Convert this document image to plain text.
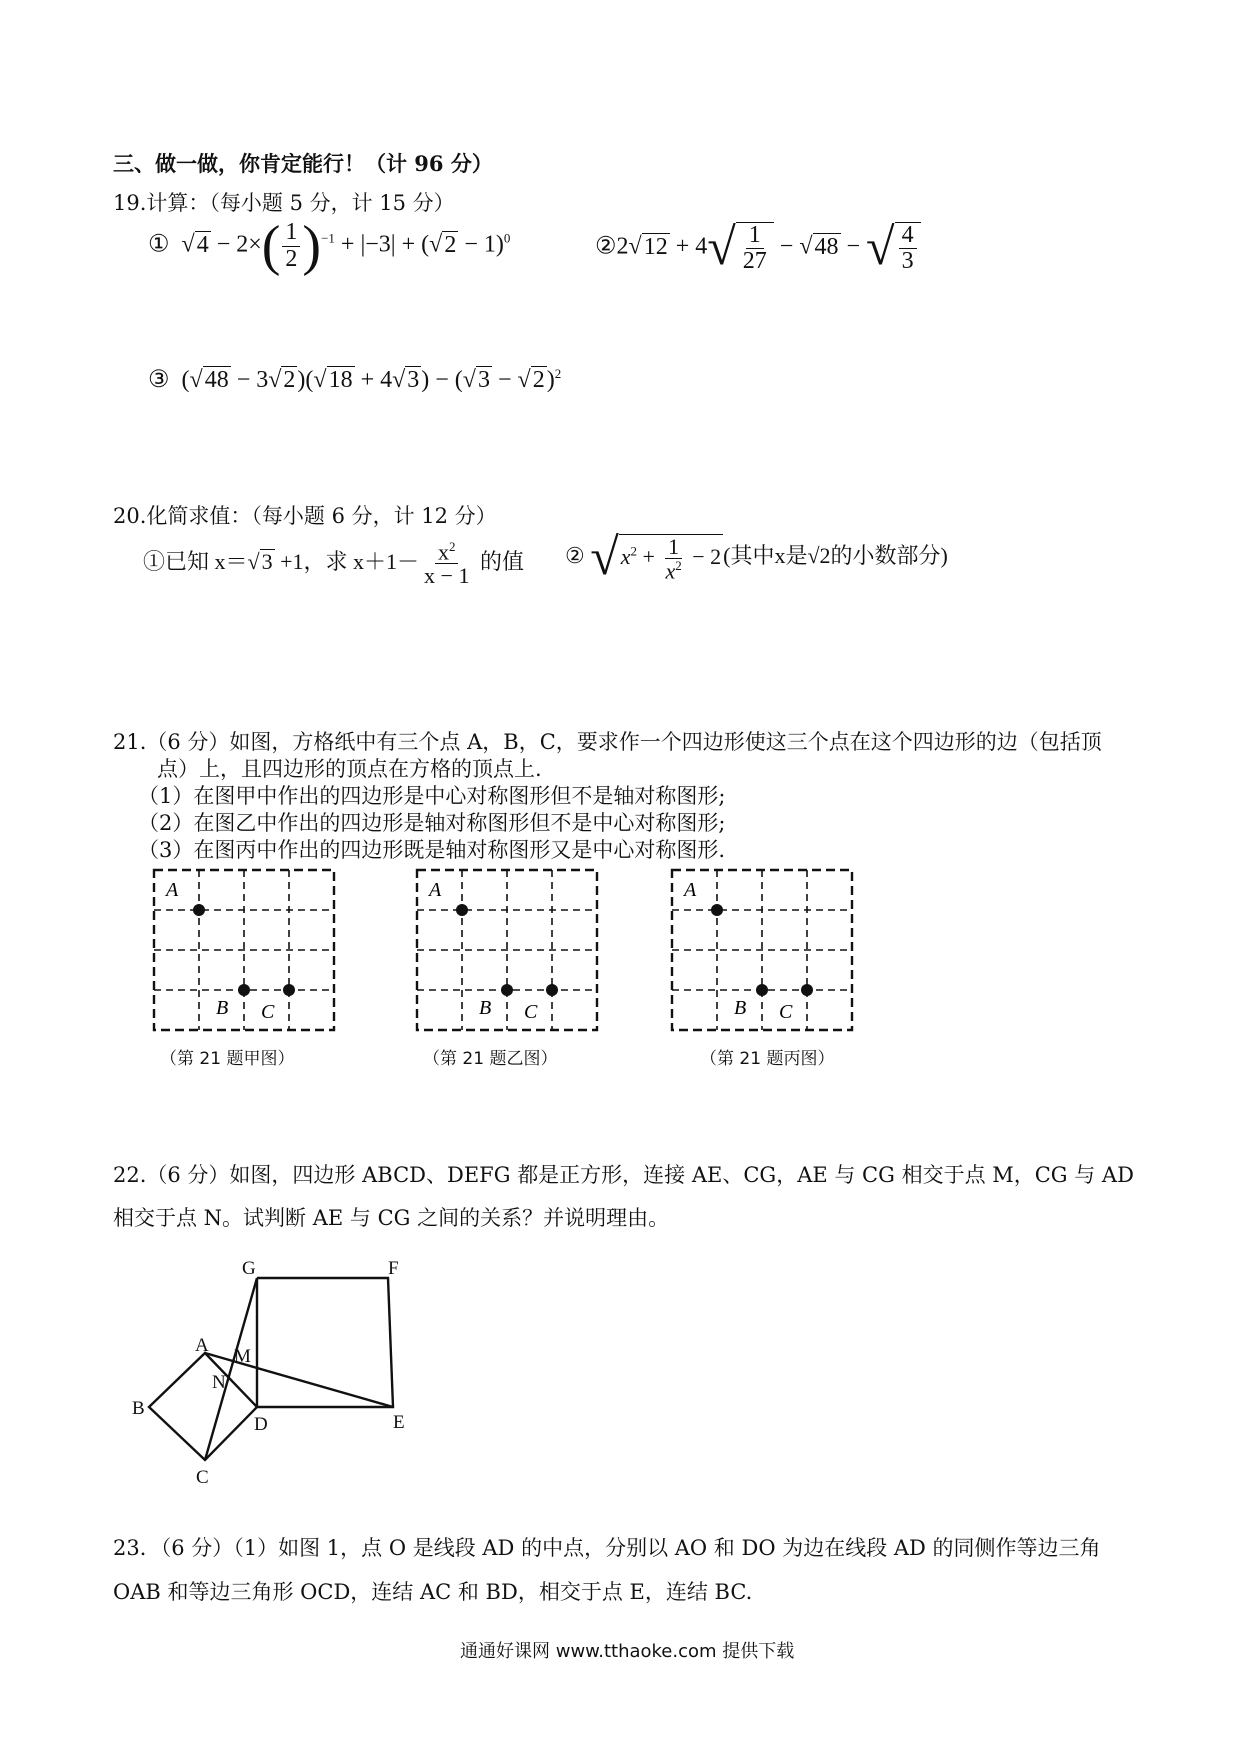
三、做一做，你肯定能行！（计 96 分）
19.计算：（每小题 5 分，计 15 分）
①  $√4 - 2\times( \frac{1}{2} )^{-1} + |-3| + (√2 - 1)^0$	②2√12 + $4√ \frac{1}{27} - √48$ − √ $\frac{4}{3}$
③  $(√48 - 3√2)(√18 + 4√3) - (√3 - √2)^2$
20.化简求值：（每小题 6 分，计 12 分）
①已知 x＝√3 +1，求 $x+1- \frac{x^2}{x - 1}$ 的值 ② $√x^2 + \frac{1}{x^2} - 2$(其中x是√2的小数部分)
21.（6 分）如图，方格纸中有三个点 A，B，C，要求作一个四边形使这三个点在这个四边形的边（包括顶
点）上，且四边形的顶点在方格的顶点上.
（1）在图甲中作出的四边形是中心对称图形但不是轴对称图形;
（2）在图乙中作出的四边形是轴对称图形但不是中心对称图形;
（3）在图丙中作出的四边形既是轴对称图形又是中心对称图形.
A
B C
（第 21 题甲图）
A
B C
（第 21 题乙图）
A
B C
（第 21 题丙图）
22.（6 分）如图，四边形 ABCD、DEFG 都是正方形，连接 AE、CG，AE 与 CG 相交于点 M，CG 与 AD
相交于点 N。试判断 AE 与 CG 之间的关系？并说明理由。
G	F
A
M
N
B
D	E
C
23．（6 分）（1）如图 1，点 O 是线段 AD 的中点，分别以 AO 和 DO 为边在线段 AD 的同侧作等边三角
OAB 和等边三角形 OCD，连结 AC 和 BD，相交于点 E，连结 BC.
通通好课网 www.tthaoke.com 提供下载
